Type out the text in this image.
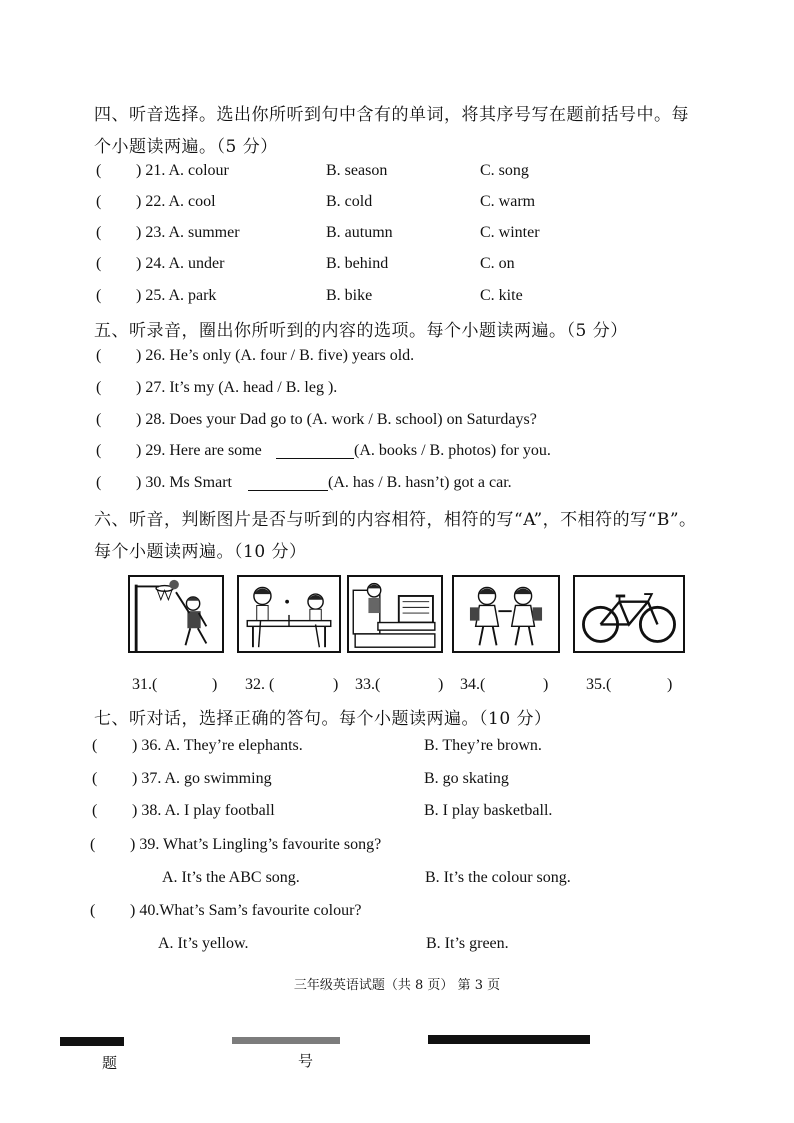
四、听音选择。选出你所听到句中含有的单词，将其序号写在题前括号中。每
个小题读两遍。（5 分）
( ) 21. A. colour	B. season	C. song
( ) 22. A. cool	B. cold	C. warm
( ) 23. A. summer	B. autumn	C. winter
( ) 24. A. under	B. behind	C. on
( ) 25. A. park	B. bike	C. kite
五、听录音，圈出你所听到的内容的选项。每个小题读两遍。（5 分）
( ) 26. He’s only (A. four / B. five) years old.
( ) 27. It’s my (A. head / B. leg ).
( ) 28. Does your Dad go to (A. work / B. school) on Saturdays?
( ) 29. Here are some	(A. books / B. photos) for you.
( ) 30. Ms Smart	(A. has / B. hasn’t) got a car.
六、听音，判断图片是否与听到的内容相符，相符的写“A”，不相符的写“B”。
每个小题读两遍。（10 分）
31.(	) 32. (	) 33.(	) 34.(	) 35.(	)
七、听对话，选择正确的答句。每个小题读两遍。（10 分）
( ) 36. A. They’re elephants.	B. They’re brown.
( ) 37. A. go swimming	B. go skating
( ) 38. A. I play football	B. I play basketball.
( ) 39. What’s Lingling’s favourite song?
A. It’s the ABC song.	B. It’s the colour song.
( ) 40.What’s Sam’s favourite colour?
A. It’s yellow.	B. It’s green.
三年级英语试题（共 8 页） 第 3 页
题	号
